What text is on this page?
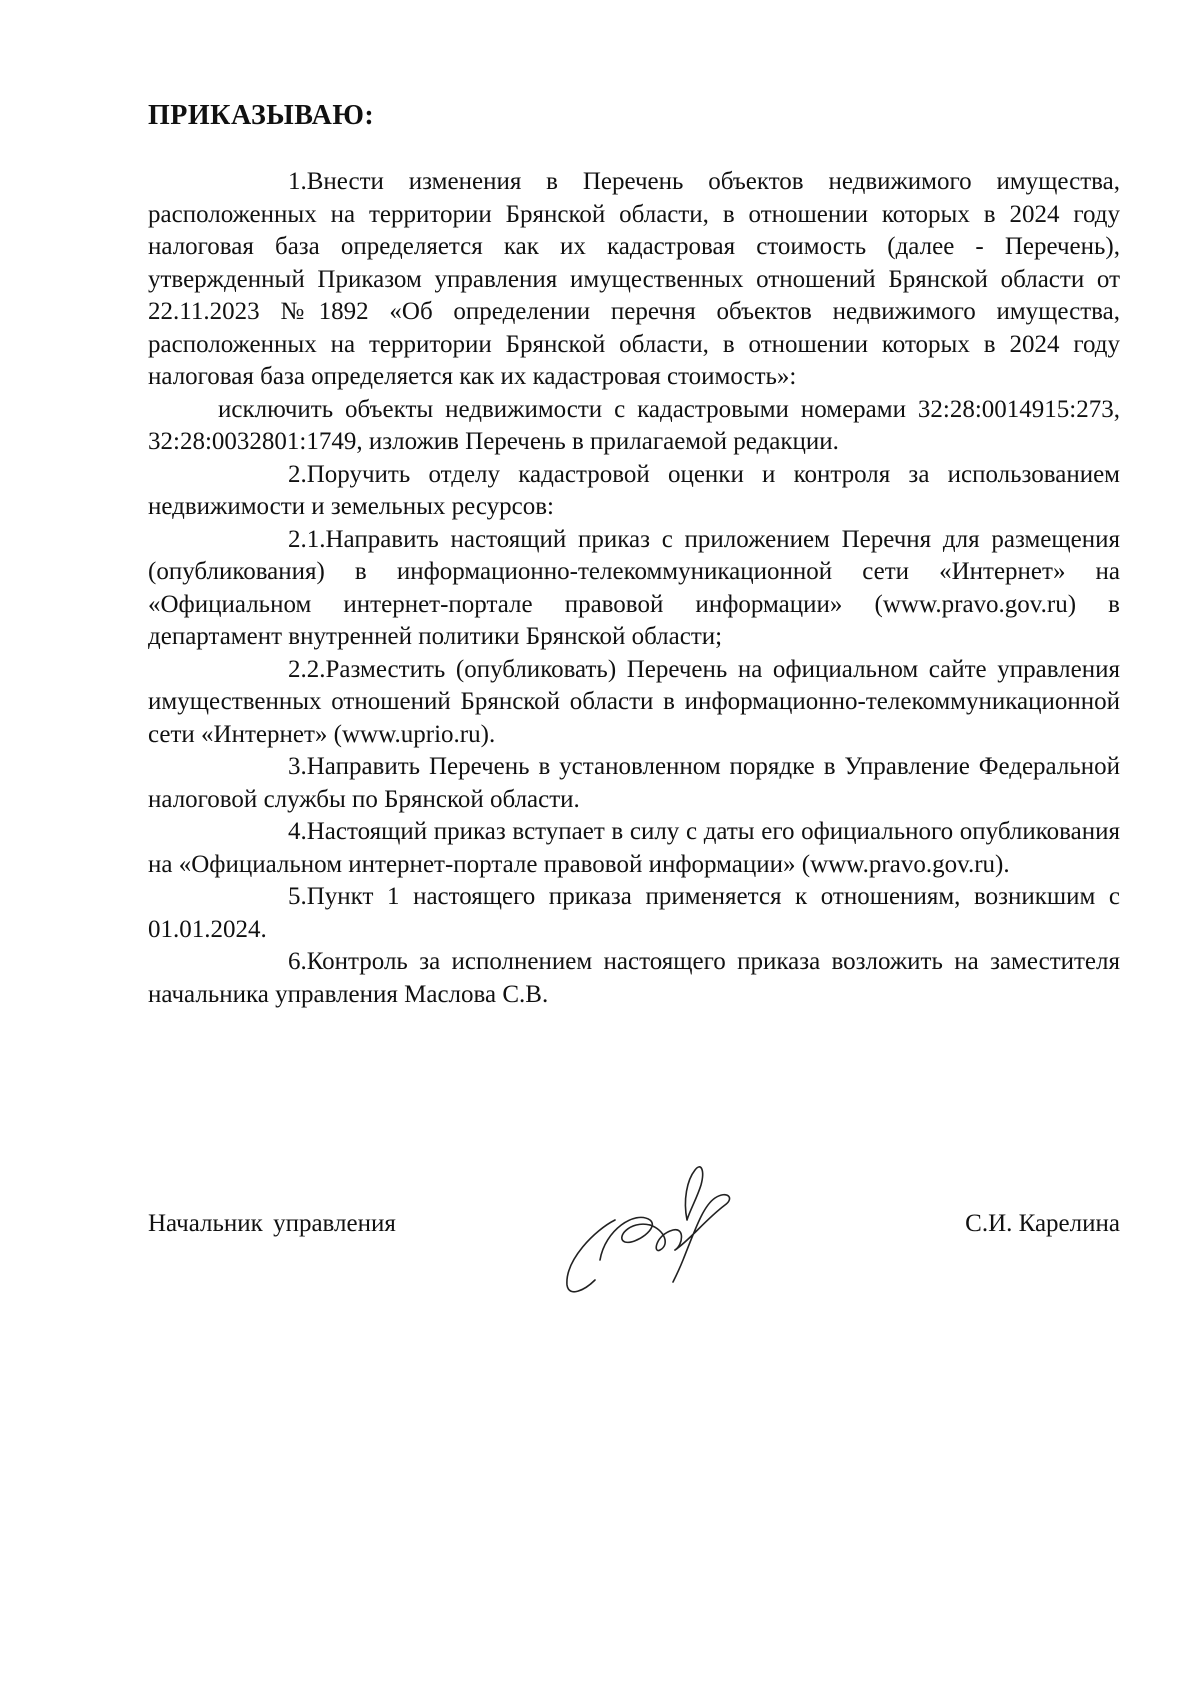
ПРИКАЗЫВАЮ:

1.Внести изменения в Перечень объектов недвижимого имущества, расположенных на территории Брянской области, в отношении которых в 2024 году налоговая база определяется как их кадастровая стоимость (далее - Перечень), утвержденный Приказом управления имущественных отношений Брянской области от 22.11.2023 №1892 «Об определении перечня объектов недвижимого имущества, расположенных на территории Брянской области, в отношении которых в 2024 году налоговая база определяется как их кадастровая стоимость»:

исключить объекты недвижимости с кадастровыми номерами 32:28:0014915:273, 32:28:0032801:1749, изложив Перечень в прилагаемой редакции.

2.Поручить отделу кадастровой оценки и контроля за использованием недвижимости и земельных ресурсов:

2.1.Направить настоящий приказ с приложением Перечня для размещения (опубликования) в информационно-телекоммуникационной сети «Интернет» на «Официальном интернет-портале правовой информации» (www.pravo.gov.ru) в департамент внутренней политики Брянской области;

2.2.Разместить (опубликовать) Перечень на официальном сайте управления имущественных отношений Брянской области в информационно-телекоммуникационной сети «Интернет» (www.uprio.ru).

3.Направить Перечень в установленном порядке в Управление Федеральной налоговой службы по Брянской области.

4.Настоящий приказ вступает в силу с даты его официального опубликования на «Официальном интернет-портале правовой информации» (www.pravo.gov.ru).

5.Пункт 1 настоящего приказа применяется к отношениям, возникшим с 01.01.2024.

6.Контроль за исполнением настоящего приказа возложить на заместителя начальника управления Маслова С.В.

Начальник управления	С.И. Карелина
